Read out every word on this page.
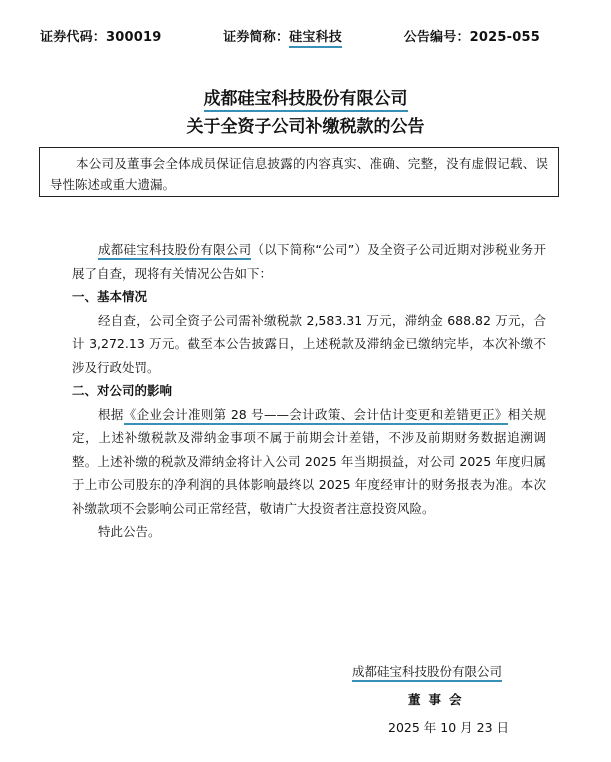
证券代码：300019	证券简称：硅宝科技	公告编号：2025-055
成都硅宝科技股份有限公司
关于全资子公司补缴税款的公告
本公司及董事会全体成员保证信息披露的内容真实、准确、完整，没有虚假记载、误导性陈述或重大遗漏。

成都硅宝科技股份有限公司（以下简称“公司”）及全资子公司近期对涉税业务开展了自查，现将有关情况公告如下：

一、基本情况

经自查，公司全资子公司需补缴税款 2,583.31 万元，滞纳金 688.82 万元，合计 3,272.13 万元。截至本公告披露日，上述税款及滞纳金已缴纳完毕，本次补缴不涉及行政处罚。

二、对公司的影响

根据《企业会计准则第 28 号——会计政策、会计估计变更和差错更正》相关规定，上述补缴税款及滞纳金事项不属于前期会计差错，不涉及前期财务数据追溯调整。上述补缴的税款及滞纳金将计入公司 2025 年当期损益，对公司 2025 年度归属于上市公司股东的净利润的具体影响最终以 2025 年度经审计的财务报表为准。本次补缴款项不会影响公司正常经营，敬请广大投资者注意投资风险。

特此公告。

成都硅宝科技股份有限公司
董事会
2025 年 10 月 23 日
